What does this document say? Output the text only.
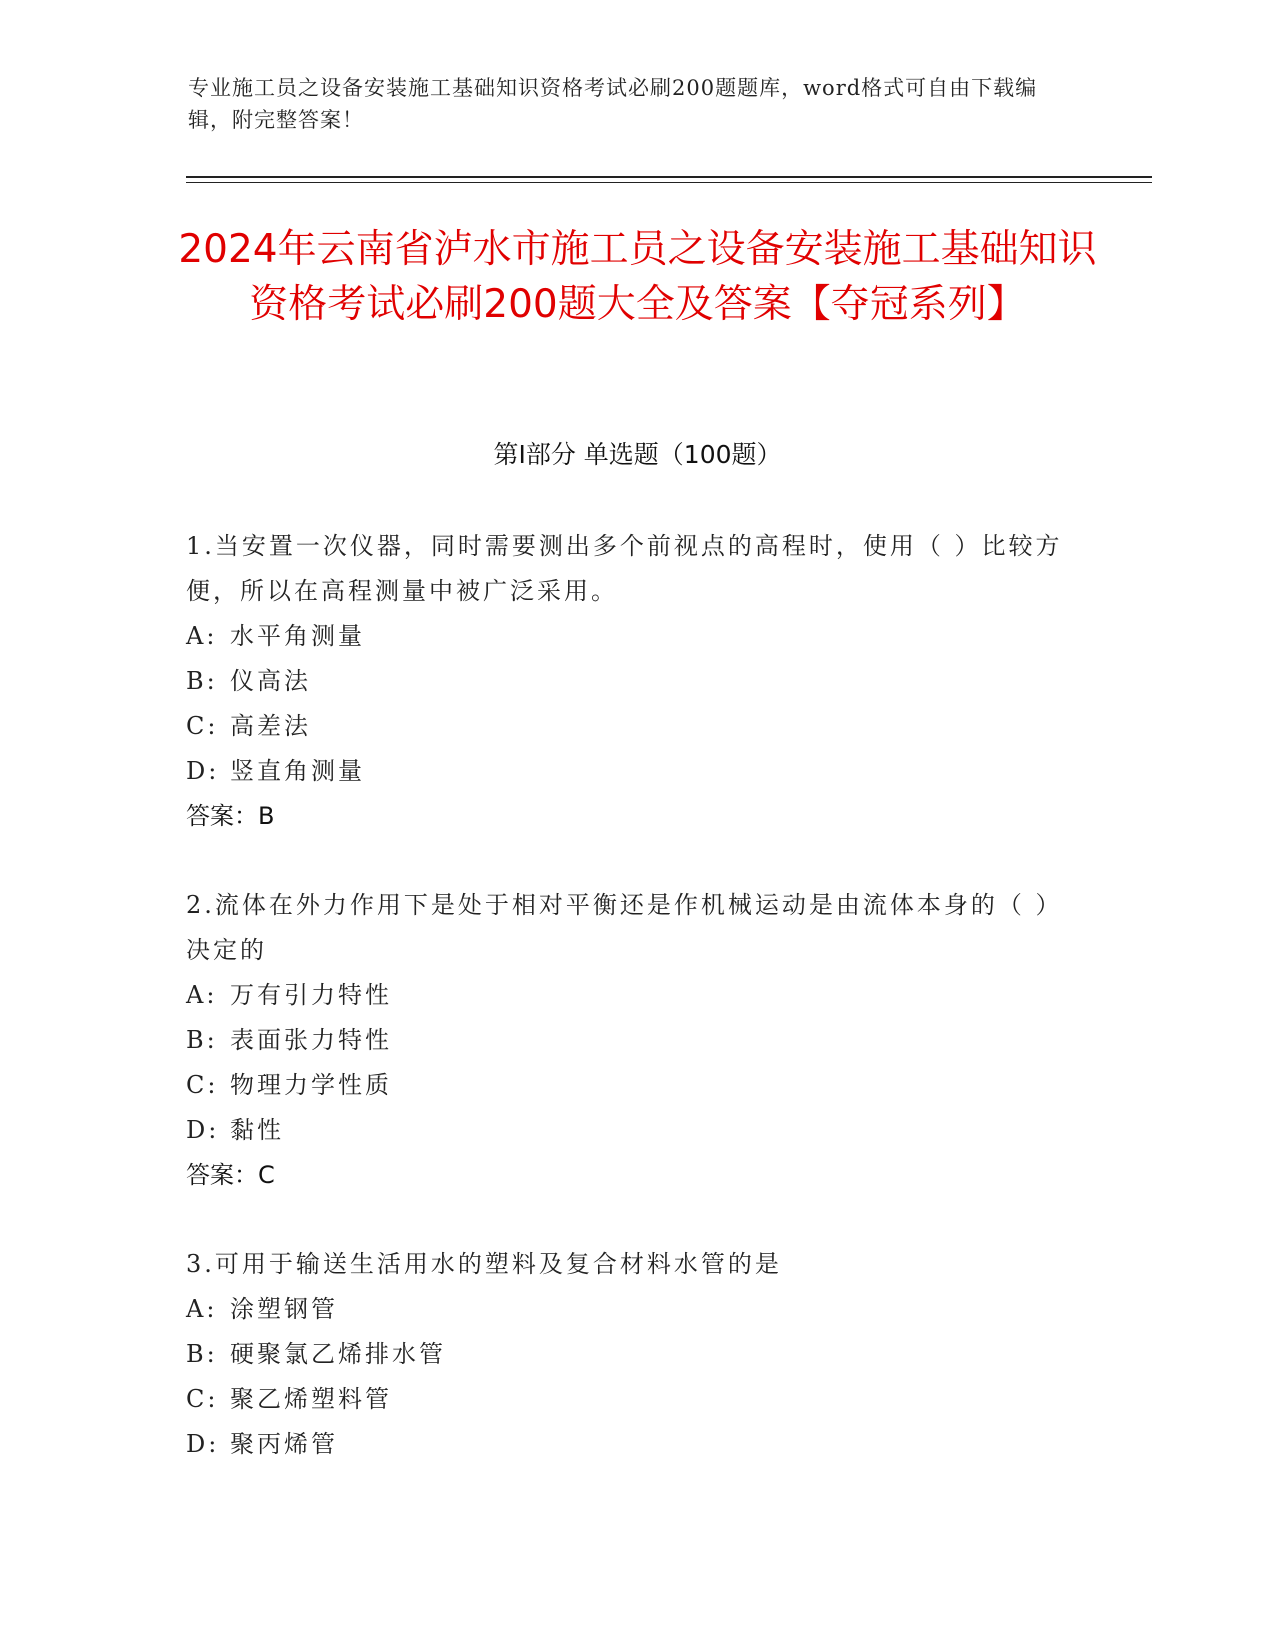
专业施工员之设备安装施工基础知识资格考试必刷200题题库，word格式可自由下载编辑，附完整答案！
2024年云南省泸水市施工员之设备安装施工基础知识资格考试必刷200题大全及答案【夺冠系列】
第Ⅰ部分 单选题（100题）

1.当安置一次仪器，同时需要测出多个前视点的高程时，使用（ ）比较方便，所以在高程测量中被广泛采用。

A: 水平角测量

B: 仪高法

C: 高差法

D: 竖直角测量

答案：B

2.流体在外力作用下是处于相对平衡还是作机械运动是由流体本身的（ ）决定的

A: 万有引力特性

B: 表面张力特性

C: 物理力学性质

D: 黏性

答案：C

3.可用于输送生活用水的塑料及复合材料水管的是

A: 涂塑钢管

B: 硬聚氯乙烯排水管

C: 聚乙烯塑料管

D: 聚丙烯管
